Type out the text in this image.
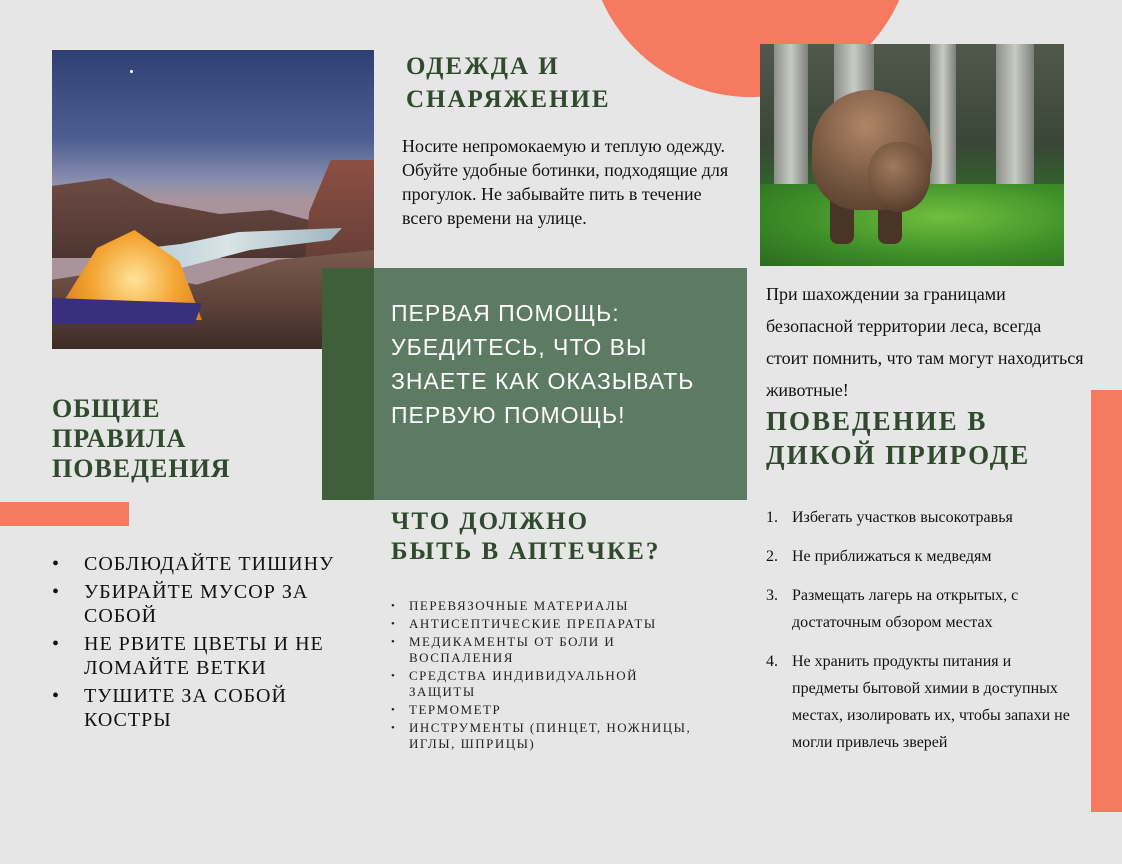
ОДЕЖДА И
СНАРЯЖЕНИЕ

Носите непромокаемую и теплую одежду. Обуйте удобные ботинки, подходящие для прогулок. Не забывайте пить в течение всего времени на улице.

При шахождении за границами безопасной территории леса, всегда стоит помнить, что там могут находиться животные!

ПЕРВАЯ ПОМОЩЬ: УБЕДИТЕСЬ, ЧТО ВЫ ЗНАЕТЕ КАК ОКАЗЫВАТЬ ПЕРВУЮ ПОМОЩЬ!

ОБЩИЕ
ПРАВИЛА
ПОВЕДЕНИЯ
• СОБЛЮДАЙТЕ ТИШИНУ
• УБИРАЙТЕ МУСОР ЗА СОБОЙ
• НЕ РВИТЕ ЦВЕТЫ И НЕ ЛОМАЙТЕ ВЕТКИ
• ТУШИТЕ ЗА СОБОЙ КОСТРЫ
ЧТО ДОЛЖНО
БЫТЬ В АПТЕЧКЕ?
• ПЕРЕВЯЗОЧНЫЕ МАТЕРИАЛЫ
• АНТИСЕПТИЧЕСКИЕ ПРЕПАРАТЫ
• МЕДИКАМЕНТЫ ОТ БОЛИ И ВОСПАЛЕНИЯ
• СРЕДСТВА ИНДИВИДУАЛЬНОЙ ЗАЩИТЫ
• ТЕРМОМЕТР
• ИНСТРУМЕНТЫ (ПИНЦЕТ, НОЖНИЦЫ, ИГЛЫ, ШПРИЦЫ)
ПОВЕДЕНИЕ В
ДИКОЙ ПРИРОДЕ
1. Избегать участков высокотравья
2. Не приближаться к медведям
3. Размещать лагерь на открытых, с достаточным обзором местах
4. Не хранить продукты питания и предметы бытовой химии в доступных местах, изолировать их, чтобы запахи не могли привлечь зверей
